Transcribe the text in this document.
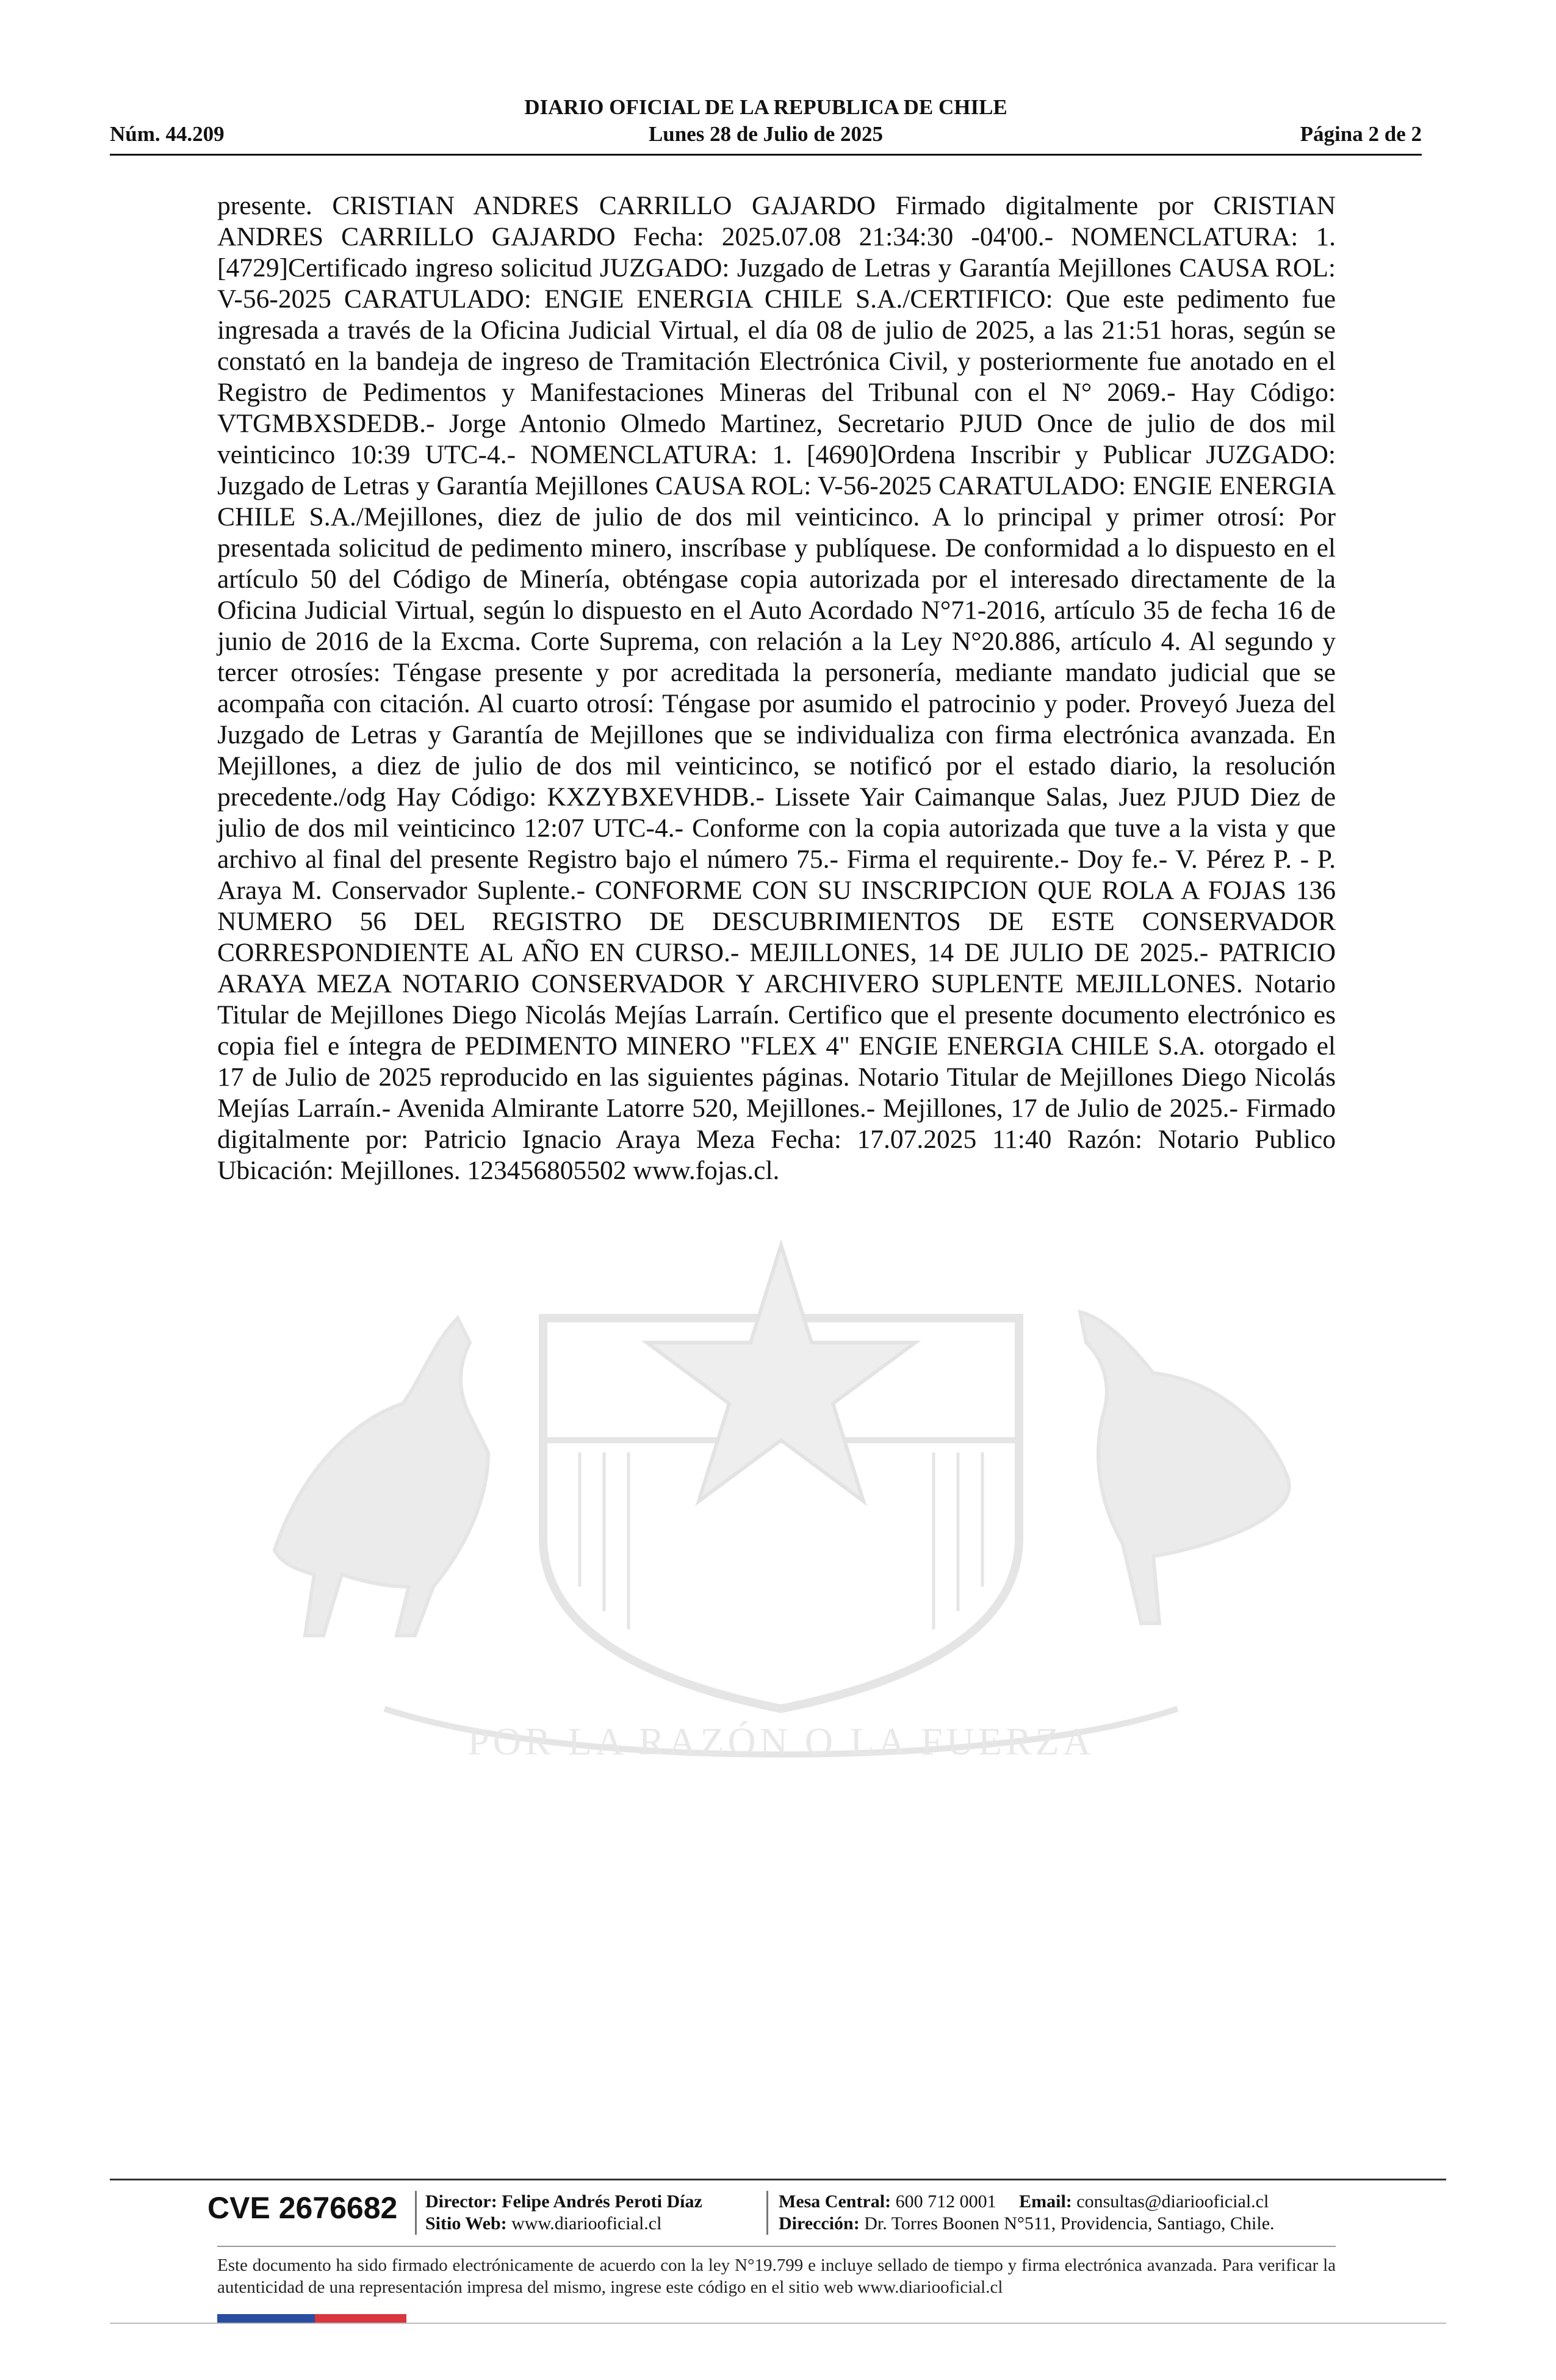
DIARIO OFICIAL DE LA REPUBLICA DE CHILE
Núm. 44.209	Lunes 28 de Julio de 2025	Página 2 de 2
POR LA RAZÓN O LA FUERZA

presente. CRISTIAN ANDRES CARRILLO GAJARDO Firmado digitalmente por CRISTIAN ANDRES CARRILLO GAJARDO Fecha: 2025.07.08 21:34:30 -04'00.- NOMENCLATURA: 1. [4729]Certificado ingreso solicitud JUZGADO: Juzgado de Letras y Garantía Mejillones CAUSA ROL: V-56-2025 CARATULADO: ENGIE ENERGIA CHILE S.A./CERTIFICO: Que este pedimento fue ingresada a través de la Oficina Judicial Virtual, el día 08 de julio de 2025, a las 21:51 horas, según se constató en la bandeja de ingreso de Tramitación Electrónica Civil, y posteriormente fue anotado en el Registro de Pedimentos y Manifestaciones Mineras del Tribunal con el N° 2069.- Hay Código: VTGMBXSDEDB.- Jorge Antonio Olmedo Martinez, Secretario PJUD Once de julio de dos mil veinticinco 10:39 UTC-4.- NOMENCLATURA: 1. [4690]Ordena Inscribir y Publicar JUZGADO: Juzgado de Letras y Garantía Mejillones CAUSA ROL: V-56-2025 CARATULADO: ENGIE ENERGIA CHILE S.A./Mejillones, diez de julio de dos mil veinticinco. A lo principal y primer otrosí: Por presentada solicitud de pedimento minero, inscríbase y publíquese. De conformidad a lo dispuesto en el artículo 50 del Código de Minería, obténgase copia autorizada por el interesado directamente de la Oficina Judicial Virtual, según lo dispuesto en el Auto Acordado N°71-2016, artículo 35 de fecha 16 de junio de 2016 de la Excma. Corte Suprema, con relación a la Ley N°20.886, artículo 4. Al segundo y tercer otrosíes: Téngase presente y por acreditada la personería, mediante mandato judicial que se acompaña con citación. Al cuarto otrosí: Téngase por asumido el patrocinio y poder. Proveyó Jueza del Juzgado de Letras y Garantía de Mejillones que se individualiza con firma electrónica avanzada. En Mejillones, a diez de julio de dos mil veinticinco, se notificó por el estado diario, la resolución precedente./odg Hay Código: KXZYBXEVHDB.- Lissete Yair Caimanque Salas, Juez PJUD Diez de julio de dos mil veinticinco 12:07 UTC-4.- Conforme con la copia autorizada que tuve a la vista y que archivo al final del presente Registro bajo el número 75.- Firma el requirente.- Doy fe.- V. Pérez P. - P. Araya M. Conservador Suplente.- CONFORME CON SU INSCRIPCION QUE ROLA A FOJAS 136 NUMERO 56 DEL REGISTRO DE DESCUBRIMIENTOS DE ESTE CONSERVADOR CORRESPONDIENTE AL AÑO EN CURSO.- MEJILLONES, 14 DE JULIO DE 2025.- PATRICIO ARAYA MEZA NOTARIO CONSERVADOR Y ARCHIVERO SUPLENTE MEJILLONES. Notario Titular de Mejillones Diego Nicolás Mejías Larraín. Certifico que el presente documento electrónico es copia fiel e íntegra de PEDIMENTO MINERO "FLEX 4" ENGIE ENERGIA CHILE S.A. otorgado el 17 de Julio de 2025 reproducido en las siguientes páginas. Notario Titular de Mejillones Diego Nicolás Mejías Larraín.- Avenida Almirante Latorre 520, Mejillones.- Mejillones, 17 de Julio de 2025.- Firmado digitalmente por: Patricio Ignacio Araya Meza Fecha: 17.07.2025 11:40 Razón: Notario Publico Ubicación: Mejillones. 123456805502 www.fojas.cl.

CVE 2676682	Director: Felipe Andrés Peroti Díaz
Sitio Web: www.diariooficial.cl
Mesa Central: 600 712 0001 Email: consultas@diariooficial.cl
Dirección: Dr. Torres Boonen N°511, Providencia, Santiago, Chile.
Este documento ha sido firmado electrónicamente de acuerdo con la ley N°19.799 e incluye sellado de tiempo y firma electrónica avanzada. Para verificar la autenticidad de una representación impresa del mismo, ingrese este código en el sitio web www.diariooficial.cl
